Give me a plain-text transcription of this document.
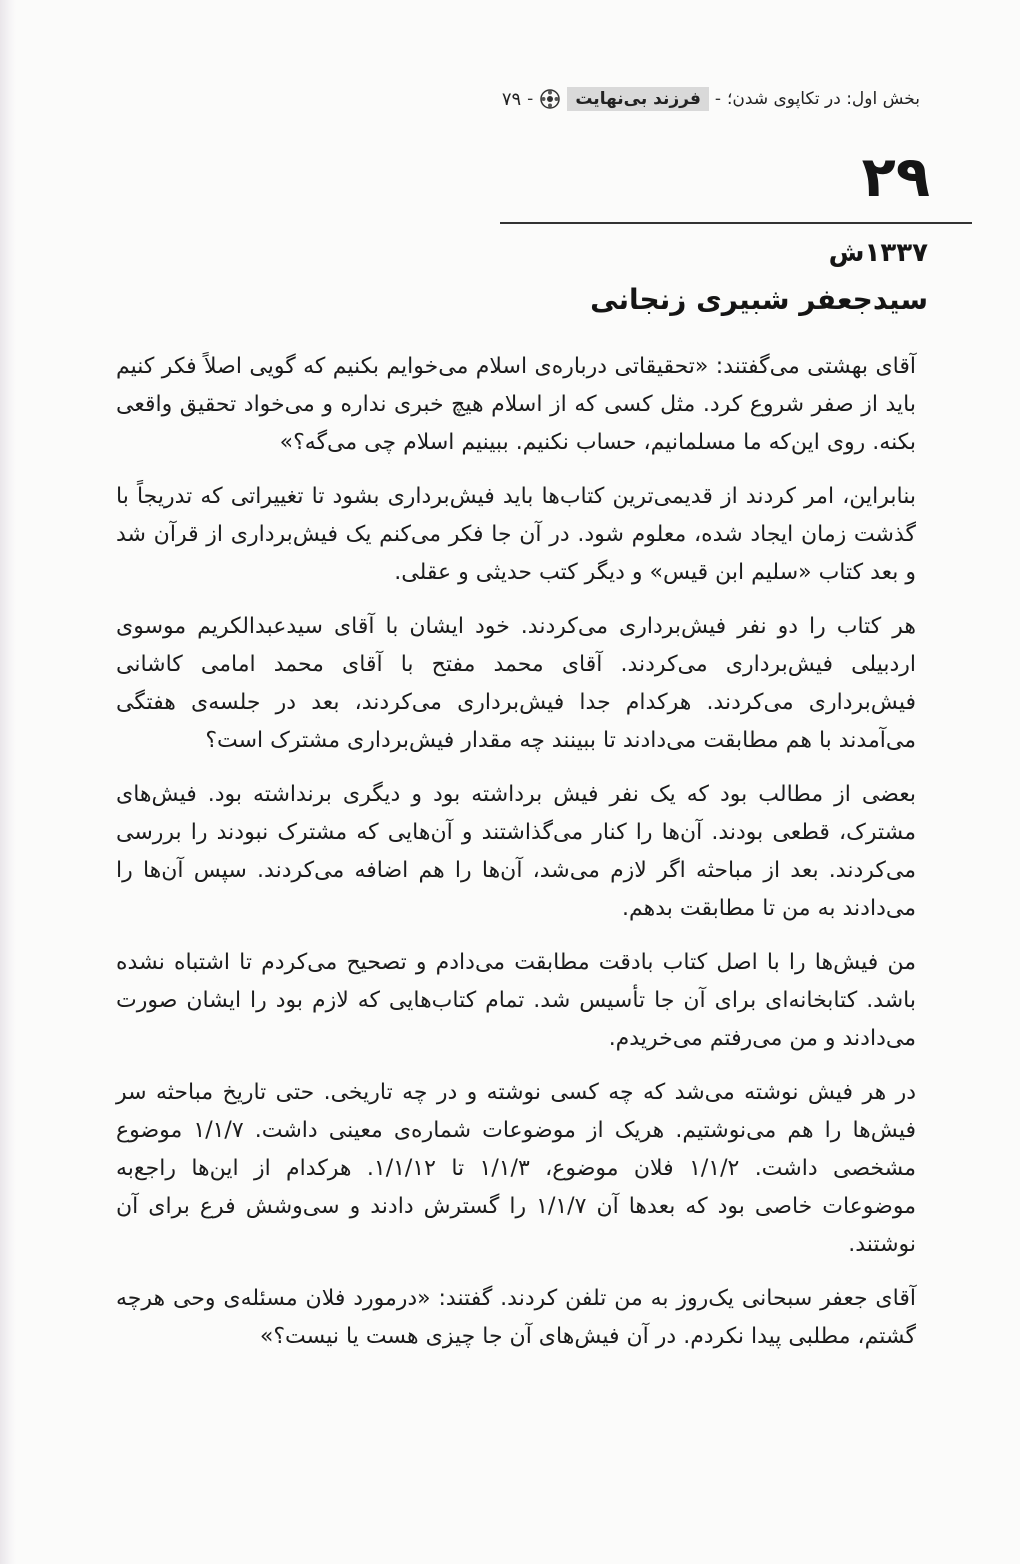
بخش اول: در تکاپوی شدن؛
-
فرزند بی‌نهایت
-
۷۹
۲۹
۱۳۳۷ش
سیدجعفر شبیری زنجانی

آقای بهشتی می‌گفتند: «تحقیقاتی درباره‌ی اسلام می‌خوایم بکنیم که گویی اصلاً فکر کنیم باید از صفر شروع کرد. مثل کسی که از اسلام هیچ خبری نداره و می‌خواد تحقیق واقعی بکنه. روی این‌که ما مسلمانیم، حساب نکنیم. ببینیم اسلام چی می‌گه؟»

بنابراین، امر کردند از قدیمی‌ترین کتاب‌ها باید فیش‌برداری بشود تا تغییراتی که تدریجاً با گذشت زمان ایجاد شده، معلوم شود. در آن جا فکر می‌کنم یک فیش‌برداری از قرآن شد و بعد کتاب «سلیم ابن قیس» و دیگر کتب حدیثی و عقلی.

هر کتاب را دو نفر فیش‌برداری می‌کردند. خود ایشان با آقای سیدعبدالکریم موسوی اردبیلی فیش‌برداری می‌کردند. آقای محمد مفتح با آقای محمد امامی کاشانی فیش‌برداری می‌کردند. هرکدام جدا فیش‌برداری می‌کردند، بعد در جلسه‌ی هفتگی می‌آمدند با هم مطابقت می‌دادند تا ببینند چه مقدار فیش‌برداری مشترک است؟

بعضی از مطالب بود که یک نفر فیش برداشته بود و دیگری برنداشته بود. فیش‌های مشترک، قطعی بودند. آن‌ها را کنار می‌گذاشتند و آن‌هایی که مشترک نبودند را بررسی می‌کردند. بعد از مباحثه اگر لازم می‌شد، آن‌ها را هم اضافه می‌کردند. سپس آن‌ها را می‌دادند به من تا مطابقت بدهم.

من فیش‌ها را با اصل کتاب بادقت مطابقت می‌دادم و تصحیح می‌کردم تا اشتباه نشده باشد. کتابخانه‌ای برای آن جا تأسیس شد. تمام کتاب‌هایی که لازم بود را ایشان صورت می‌دادند و من می‌رفتم می‌خریدم.

در هر فیش نوشته می‌شد که چه کسی نوشته و در چه تاریخی. حتی تاریخ مباحثه سر فیش‌ها را هم می‌نوشتیم. هریک از موضوعات شماره‌ی معینی داشت. ۱/۱/۷ موضوع مشخصی داشت. ۱/۱/۲ فلان موضوع، ۱/۱/۳ تا ۱/۱/۱۲. هرکدام از این‌ها راجع‌به موضوعات خاصی بود که بعدها آن ۱/۱/۷ را گسترش دادند و سی‌وشش فرع برای آن نوشتند.

آقای جعفر سبحانی یک‌روز به من تلفن کردند. گفتند: «درمورد فلان مسئله‌ی وحی هرچه گشتم، مطلبی پیدا نکردم. در آن فیش‌های آن جا چیزی هست یا نیست؟»
